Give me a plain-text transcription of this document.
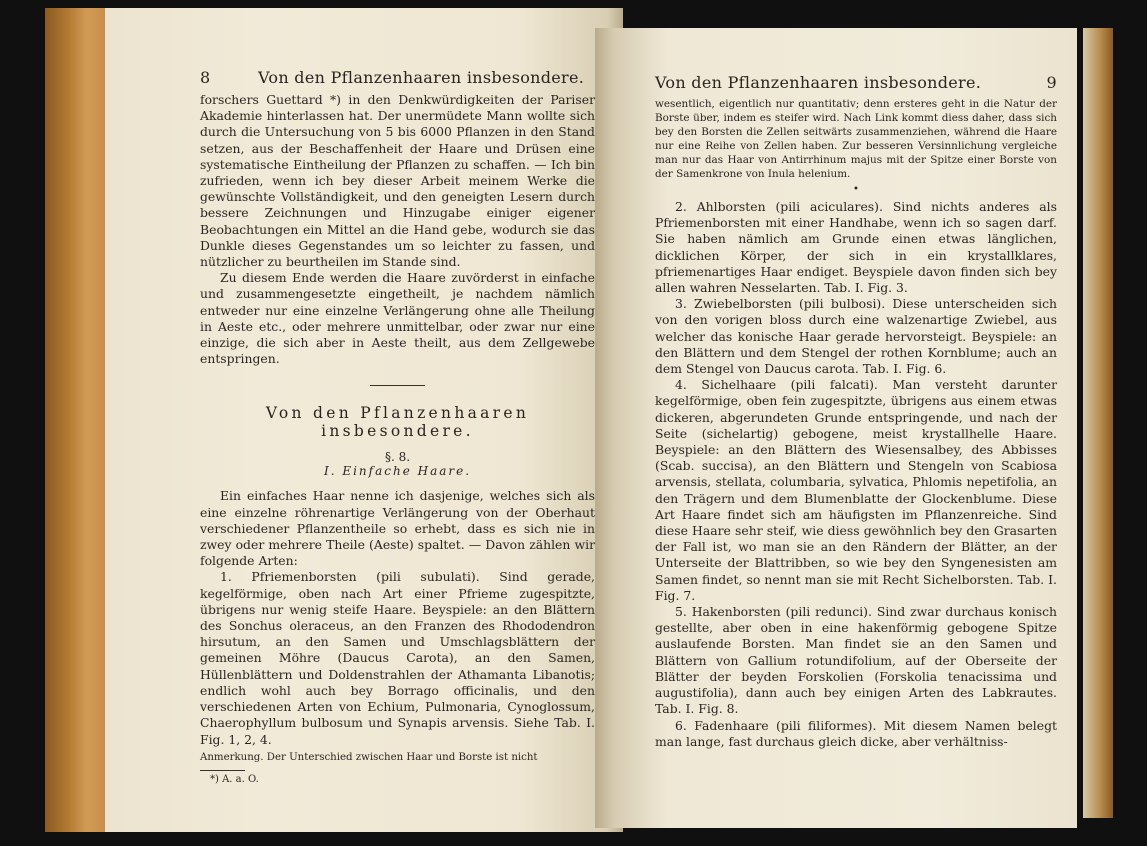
8	Von den Pflanzenhaaren insbesondere.

forschers Guettard *) in den Denkwürdigkeiten der Pariser Akademie hinterlassen hat. Der unermüdete Mann wollte sich durch die Untersuchung von 5 bis 6000 Pflanzen in den Stand setzen, aus der Beschaffenheit der Haare und Drüsen eine systematische Eintheilung der Pflanzen zu schaffen. — Ich bin zufrieden, wenn ich bey dieser Arbeit meinem Werke die gewünschte Vollständigkeit, und den geneigten Lesern durch bessere Zeichnungen und Hinzugabe einiger eigener Beobachtungen ein Mittel an die Hand gebe, wodurch sie das Dunkle dieses Gegenstandes um so leichter zu fassen, und nützlicher zu beurtheilen im Stande sind.

Zu diesem Ende werden die Haare zuvörderst in einfache und zusammengesetzte eingetheilt, je nachdem nämlich entweder nur eine einzelne Verlängerung ohne alle Theilung in Aeste etc., oder mehrere unmittelbar, oder zwar nur eine einzige, die sich aber in Aeste theilt, aus dem Zellgewebe entspringen.

Von den Pflanzenhaaren insbesondere.
§. 8.
I. Einfache Haare.

Ein einfaches Haar nenne ich dasjenige, welches sich als eine einzelne röhrenartige Verlängerung von der Oberhaut verschiedener Pflanzentheile so erhebt, dass es sich nie in zwey oder mehrere Theile (Aeste) spaltet. — Davon zählen wir folgende Arten:

1. Pfriemenborsten (pili subulati). Sind gerade, kegelförmige, oben nach Art einer Pfrieme zugespitzte, übrigens nur wenig steife Haare. Beyspiele: an den Blättern des Sonchus oleraceus, an den Franzen des Rhododendron hirsutum, an den Samen und Umschlagsblättern der gemeinen Möhre (Daucus Carota), an den Samen, Hüllenblättern und Doldenstrahlen der Athamanta Libanotis; endlich wohl auch bey Borrago officinalis, und den verschiedenen Arten von Echium, Pulmonaria, Cynoglossum, Chaerophyllum bulbosum und Synapis arvensis. Siehe Tab. I. Fig. 1, 2, 4.

Anmerkung. Der Unterschied zwischen Haar und Borste ist nicht

*) A. a. O.
Von den Pflanzenhaaren insbesondere.	9

wesentlich, eigentlich nur quantitativ; denn ersteres geht in die Natur der Borste über, indem es steifer wird. Nach Link kommt diess daher, dass sich bey den Borsten die Zellen seitwärts zusammenziehen, während die Haare nur eine Reihe von Zellen haben. Zur besseren Versinnlichung vergleiche man nur das Haar von Antirrhinum majus mit der Spitze einer Borste von der Samenkrone von Inula helenium.

•

2. Ahlborsten (pili aciculares). Sind nichts anderes als Pfriemenborsten mit einer Handhabe, wenn ich so sagen darf. Sie haben nämlich am Grunde einen etwas länglichen, dicklichen Körper, der sich in ein krystallklares, pfriemenartiges Haar endiget. Beyspiele davon finden sich bey allen wahren Nesselarten. Tab. I. Fig. 3.

3. Zwiebelborsten (pili bulbosi). Diese unterscheiden sich von den vorigen bloss durch eine walzenartige Zwiebel, aus welcher das konische Haar gerade hervorsteigt. Beyspiele: an den Blättern und dem Stengel der rothen Kornblume; auch an dem Stengel von Daucus carota. Tab. I. Fig. 6.

4. Sichelhaare (pili falcati). Man versteht darunter kegelförmige, oben fein zugespitzte, übrigens aus einem etwas dickeren, abgerundeten Grunde entspringende, und nach der Seite (sichelartig) gebogene, meist krystallhelle Haare. Beyspiele: an den Blättern des Wiesensalbey, des Abbisses (Scab. succisa), an den Blättern und Stengeln von Scabiosa arvensis, stellata, columbaria, sylvatica, Phlomis nepetifolia, an den Trägern und dem Blumenblatte der Glockenblume. Diese Art Haare findet sich am häufigsten im Pflanzenreiche. Sind diese Haare sehr steif, wie diess gewöhnlich bey den Grasarten der Fall ist, wo man sie an den Rändern der Blätter, an der Unterseite der Blattribben, so wie bey den Syngenesisten am Samen findet, so nennt man sie mit Recht Sichelborsten. Tab. I. Fig. 7.

5. Hakenborsten (pili redunci). Sind zwar durchaus konisch gestellte, aber oben in eine hakenförmig gebogene Spitze auslaufende Borsten. Man findet sie an den Samen und Blättern von Gallium rotundifolium, auf der Oberseite der Blätter der beyden Forskolien (Forskolia tenacissima und augustifolia), dann auch bey einigen Arten des Labkrautes. Tab. I. Fig. 8.

6. Fadenhaare (pili filiformes). Mit diesem Namen belegt man lange, fast durchaus gleich dicke, aber verhältniss-
